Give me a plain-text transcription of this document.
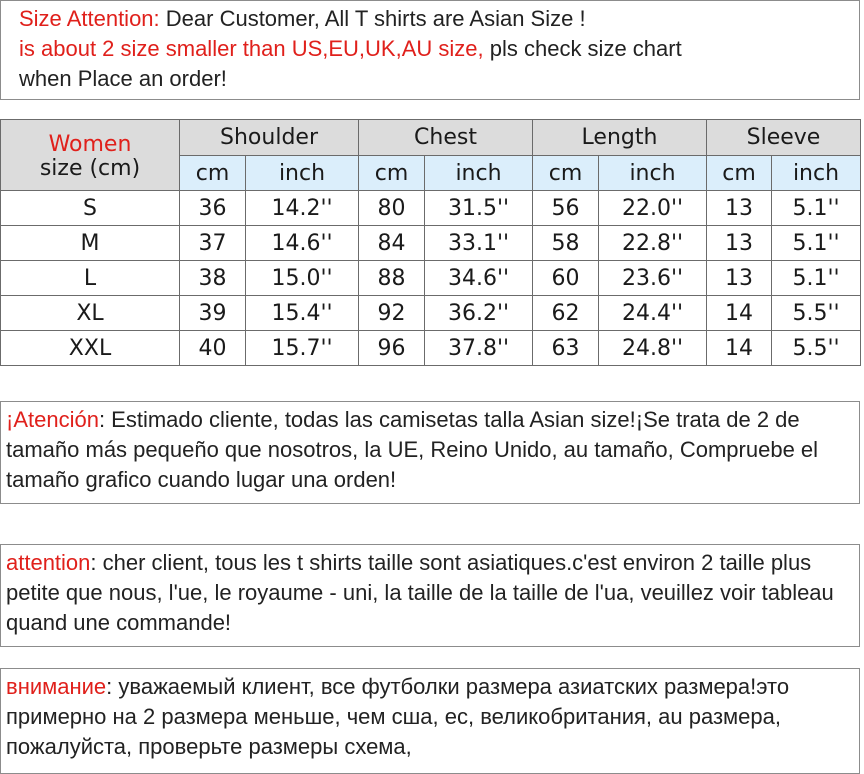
Size Attention: Dear Customer, All T shirts are Asian Size !
is about 2 size smaller than US,EU,UK,AU size, pls check size chart
when Place an order!
Women
size (cm)	Shoulder		Chest		Length		Sleeve	
	cm	inch	cm	inch	cm	inch	cm	inch
S	36	14.2''	80	31.5''	56	22.0''	13	5.1''
M	37	14.6''	84	33.1''	58	22.8''	13	5.1''
L	38	15.0''	88	34.6''	60	23.6''	13	5.1''
XL	39	15.4''	92	36.2''	62	24.4''	14	5.5''
XXL	40	15.7''	96	37.8''	63	24.8''	14	5.5''
¡Atención: Estimado cliente, todas las camisetas talla Asian size!¡Se trata de 2 de tamaño más pequeño que nosotros, la UE, Reino Unido, au tamaño, Compruebe el tamaño grafico cuando lugar una orden!
attention: cher client, tous les t shirts taille sont asiatiques.c'est environ 2 taille plus petite que nous, l'ue, le royaume - uni, la taille de la taille de l'ua, veuillez voir tableau quand une commande!
внимание: уважаемый клиент, все футболки размера азиатских размера!это примерно на 2 размера меньше, чем сша, ес, великобритания, au размера, пожалуйста, проверьте размеры схема,
